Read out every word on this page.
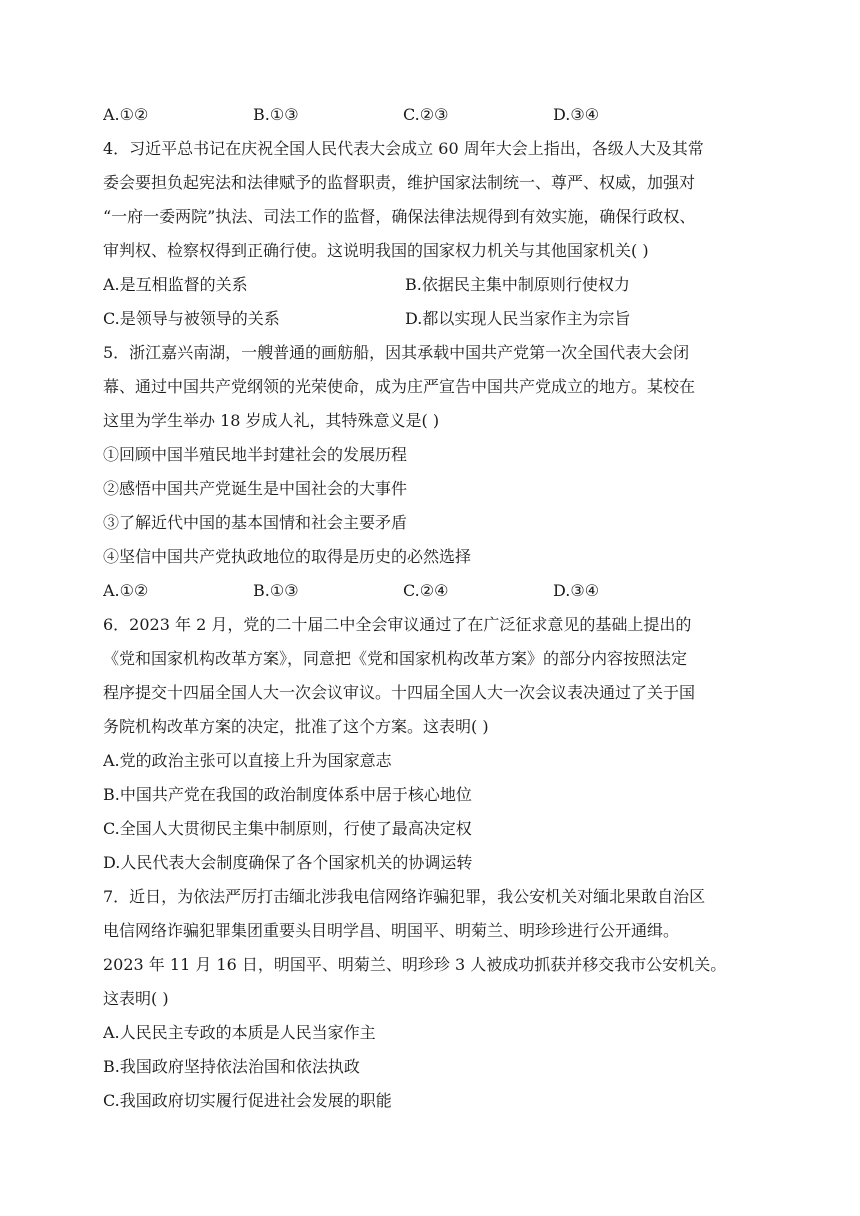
A.①②	B.①③	C.②③	D.③④
4．习近平总书记在庆祝全国人民代表大会成立 60 周年大会上指出，各级人大及其常
委会要担负起宪法和法律赋予的监督职责，维护国家法制统一、尊严、权威，加强对
“一府一委两院”执法、司法工作的监督，确保法律法规得到有效实施，确保行政权、
审判权、检察权得到正确行使。这说明我国的国家权力机关与其他国家机关( )
A.是互相监督的关系	B.依据民主集中制原则行使权力
C.是领导与被领导的关系	D.都以实现人民当家作主为宗旨
5．浙江嘉兴南湖，一艘普通的画舫船，因其承载中国共产党第一次全国代表大会闭
幕、通过中国共产党纲领的光荣使命，成为庄严宣告中国共产党成立的地方。某校在
这里为学生举办 18 岁成人礼，其特殊意义是( )
①回顾中国半殖民地半封建社会的发展历程
②感悟中国共产党诞生是中国社会的大事件
③了解近代中国的基本国情和社会主要矛盾
④坚信中国共产党执政地位的取得是历史的必然选择
A.①②	B.①③	C.②④	D.③④
6．2023 年 2 月，党的二十届二中全会审议通过了在广泛征求意见的基础上提出的
《党和国家机构改革方案》，同意把《党和国家机构改革方案》的部分内容按照法定
程序提交十四届全国人大一次会议审议。十四届全国人大一次会议表决通过了关于国
务院机构改革方案的决定，批准了这个方案。这表明( )
A.党的政治主张可以直接上升为国家意志
B.中国共产党在我国的政治制度体系中居于核心地位
C.全国人大贯彻民主集中制原则，行使了最高决定权
D.人民代表大会制度确保了各个国家机关的协调运转
7．近日，为依法严厉打击缅北涉我电信网络诈骗犯罪，我公安机关对缅北果敢自治区
电信网络诈骗犯罪集团重要头目明学昌、明国平、明菊兰、明珍珍进行公开通缉。
2023 年 11 月 16 日，明国平、明菊兰、明珍珍 3 人被成功抓获并移交我市公安机关。
这表明( )
A.人民民主专政的本质是人民当家作主
B.我国政府坚持依法治国和依法执政
C.我国政府切实履行促进社会发展的职能
